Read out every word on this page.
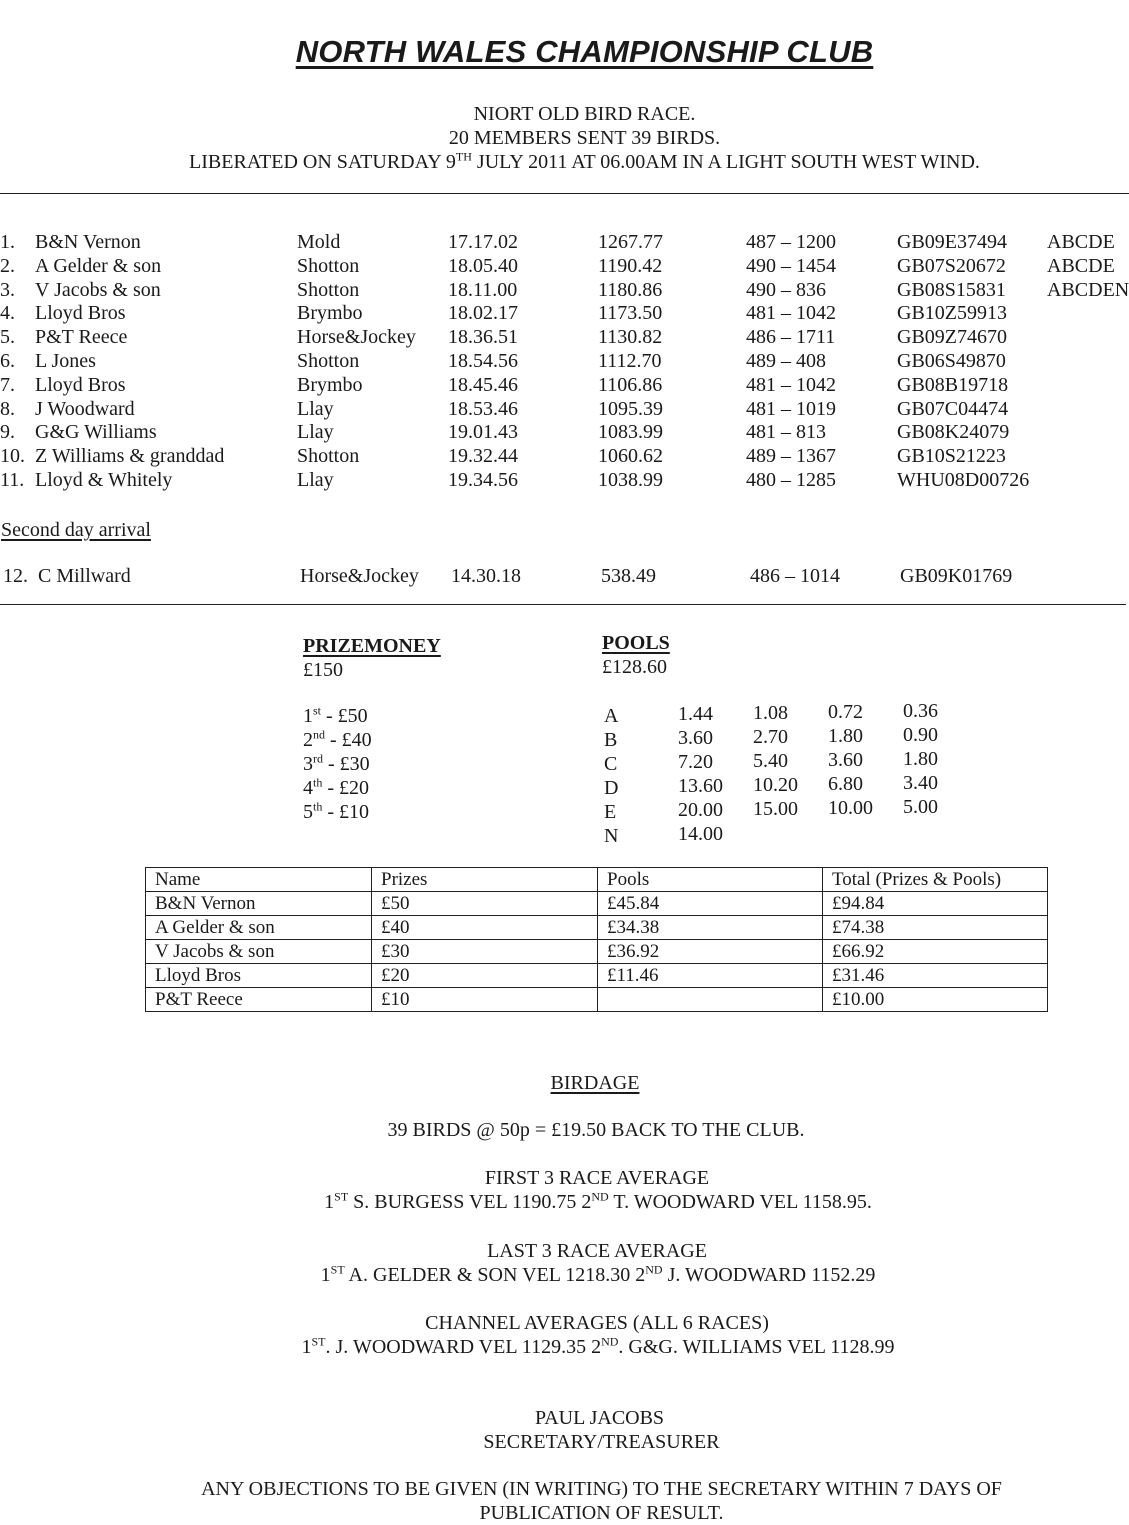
NORTH WALES CHAMPIONSHIP CLUB
NIORT OLD BIRD RACE.
20 MEMBERS SENT 39 BIRDS.
LIBERATED ON SATURDAY 9TH JULY 2011 AT 06.00AM IN A LIGHT SOUTH WEST WIND.
1. B&N Vernon	Mold	17.17.02	1267.77	487 – 1200	GB09E37494 ABCDE
2. A Gelder & son	Shotton	18.05.40	1190.42	490 – 1454	GB07S20672 ABCDE
3. V Jacobs & son	Shotton	18.11.00	1180.86	490 – 836	GB08S15831 ABCDEN
4. Lloyd Bros	Brymbo	18.02.17	1173.50	481 – 1042	GB10Z59913
5. P&T Reece	Horse&Jockey 18.36.51	1130.82	486 – 1711	GB09Z74670
6. L Jones	Shotton	18.54.56	1112.70	489 – 408	GB06S49870
7. Lloyd Bros	Brymbo	18.45.46	1106.86	481 – 1042	GB08B19718
8. J Woodward	Llay	18.53.46	1095.39	481 – 1019	GB07C04474
9. G&G Williams	Llay	19.01.43	1083.99	481 – 813	GB08K24079
10. Z Williams & granddad	Shotton	19.32.44	1060.62	489 – 1367	GB10S21223
11. Lloyd & Whitely	Llay	19.34.56	1038.99	480 – 1285	WHU08D00726
Second day arrival
12. C Millward	Horse&Jockey 14.30.18	538.49	486 – 1014	GB09K01769
PRIZEMONEY
£150
1st - £50
2nd - £40
3rd - £30
4th - £20
5th - £10
POOLS
£128.60
A	1.44 1.08 0.72 0.36
B	3.60 2.70 1.80 0.90
C	7.20 5.40 3.60 1.80
D	13.60 10.20 6.80 3.40
E	20.00 15.00 10.00 5.00
N	14.00
Name	Prizes	Pools	Total (Prizes & Pools)
B&N Vernon	£50	£45.84	£94.84
A Gelder & son	£40	£34.38	£74.38
V Jacobs & son	£30	£36.92	£66.92
Lloyd Bros	£20	£11.46	£31.46
P&T Reece	£10		£10.00
BIRDAGE
39 BIRDS @ 50p = £19.50 BACK TO THE CLUB.
FIRST 3 RACE AVERAGE
1ST S. BURGESS VEL 1190.75 2ND T. WOODWARD VEL 1158.95.
LAST 3 RACE AVERAGE
1ST A. GELDER & SON VEL 1218.30 2ND J. WOODWARD 1152.29
CHANNEL AVERAGES (ALL 6 RACES)
1ST. J. WOODWARD VEL 1129.35 2ND. G&G. WILLIAMS VEL 1128.99
PAUL JACOBS
SECRETARY/TREASURER
ANY OBJECTIONS TO BE GIVEN (IN WRITING) TO THE SECRETARY WITHIN 7 DAYS OF
PUBLICATION OF RESULT.
